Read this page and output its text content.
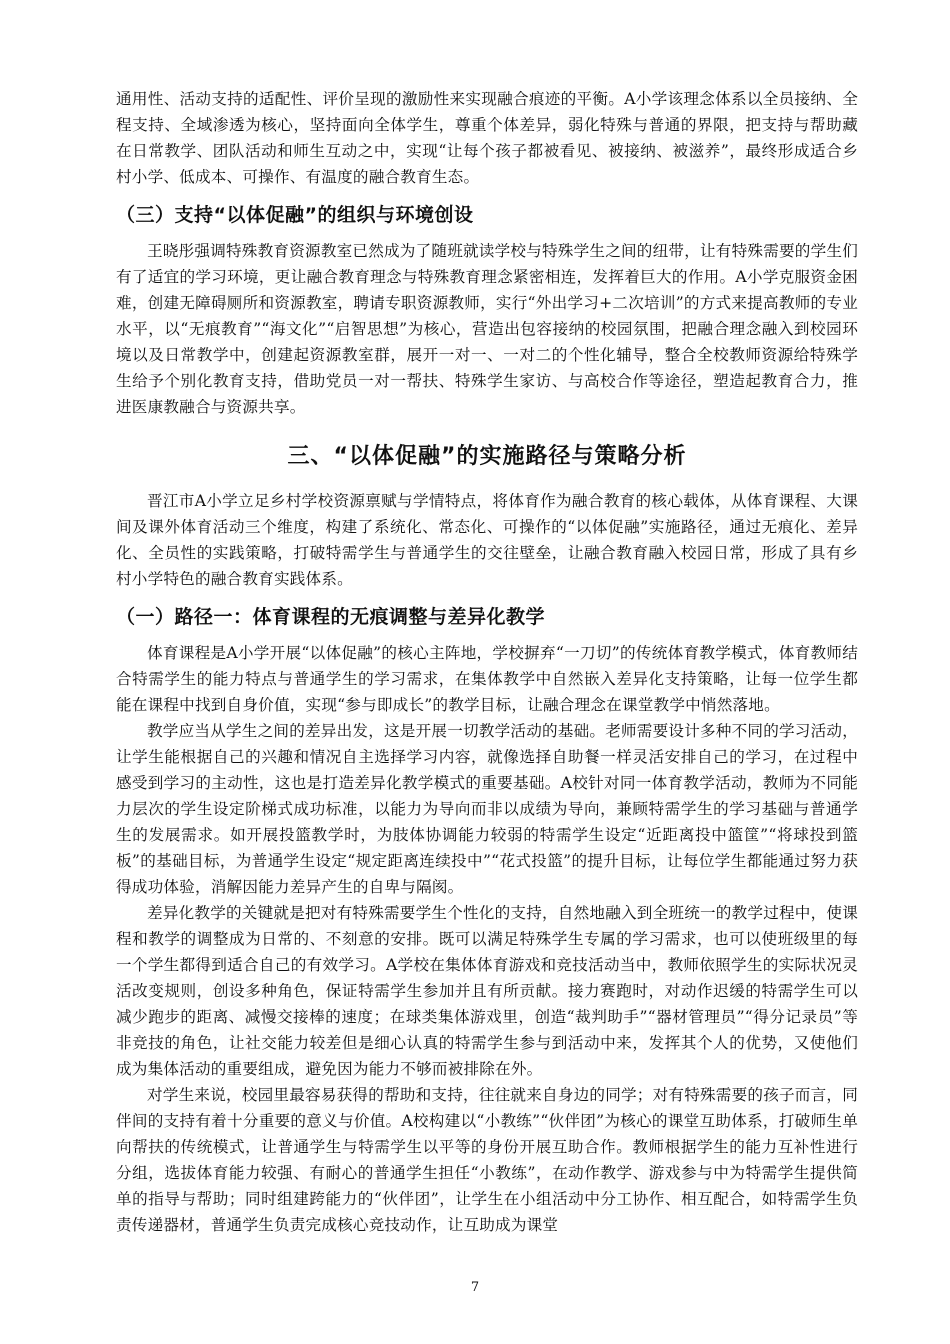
通用性、活动支持的适配性、评价呈现的激励性来实现融合痕迹的平衡。A小学该理念体系以全员接纳、全程支持、全域渗透为核心，坚持面向全体学生，尊重个体差异，弱化特殊与普通的界限，把支持与帮助藏在日常教学、团队活动和师生互动之中，实现“让每个孩子都被看见、被接纳、被滋养”，最终形成适合乡村小学、低成本、可操作、有温度的融合教育生态。

（三）支持“以体促融”的组织与环境创设

王晓彤强调特殊教育资源教室已然成为了随班就读学校与特殊学生之间的纽带，让有特殊需要的学生们有了适宜的学习环境，更让融合教育理念与特殊教育理念紧密相连，发挥着巨大的作用。A小学克服资金困难，创建无障碍厕所和资源教室，聘请专职资源教师，实行“外出学习+二次培训”的方式来提高教师的专业水平，以“无痕教育”“海文化”“启智思想”为核心，营造出包容接纳的校园氛围，把融合理念融入到校园环境以及日常教学中，创建起资源教室群，展开一对一、一对二的个性化辅导，整合全校教师资源给特殊学生给予个别化教育支持，借助党员一对一帮扶、特殊学生家访、与高校合作等途径，塑造起教育合力，推进医康教融合与资源共享。

三、“以体促融”的实施路径与策略分析

晋江市A小学立足乡村学校资源禀赋与学情特点，将体育作为融合教育的核心载体，从体育课程、大课间及课外体育活动三个维度，构建了系统化、常态化、可操作的“以体促融”实施路径，通过无痕化、差异化、全员性的实践策略，打破特需学生与普通学生的交往壁垒，让融合教育融入校园日常，形成了具有乡村小学特色的融合教育实践体系。

（一）路径一：体育课程的无痕调整与差异化教学

体育课程是A小学开展“以体促融”的核心主阵地，学校摒弃“一刀切”的传统体育教学模式，体育教师结合特需学生的能力特点与普通学生的学习需求，在集体教学中自然嵌入差异化支持策略，让每一位学生都能在课程中找到自身价值，实现“参与即成长”的教学目标，让融合理念在课堂教学中悄然落地。

教学应当从学生之间的差异出发，这是开展一切教学活动的基础。老师需要设计多种不同的学习活动，让学生能根据自己的兴趣和情况自主选择学习内容，就像选择自助餐一样灵活安排自己的学习，在过程中感受到学习的主动性，这也是打造差异化教学模式的重要基础。A校针对同一体育教学活动，教师为不同能力层次的学生设定阶梯式成功标准，以能力为导向而非以成绩为导向，兼顾特需学生的学习基础与普通学生的发展需求。如开展投篮教学时，为肢体协调能力较弱的特需学生设定“近距离投中篮筐”“将球投到篮板”的基础目标，为普通学生设定“规定距离连续投中”“花式投篮”的提升目标，让每位学生都能通过努力获得成功体验，消解因能力差异产生的自卑与隔阂。

差异化教学的关键就是把对有特殊需要学生个性化的支持，自然地融入到全班统一的教学过程中，使课程和教学的调整成为日常的、不刻意的安排。既可以满足特殊学生专属的学习需求，也可以使班级里的每一个学生都得到适合自己的有效学习。A学校在集体体育游戏和竞技活动当中，教师依照学生的实际状况灵活改变规则，创设多种角色，保证特需学生参加并且有所贡献。接力赛跑时，对动作迟缓的特需学生可以减少跑步的距离、减慢交接棒的速度；在球类集体游戏里，创造“裁判助手”“器材管理员”“得分记录员”等非竞技的角色，让社交能力较差但是细心认真的特需学生参与到活动中来，发挥其个人的优势，又使他们成为集体活动的重要组成，避免因为能力不够而被排除在外。

对学生来说，校园里最容易获得的帮助和支持，往往就来自身边的同学；对有特殊需要的孩子而言，同伴间的支持有着十分重要的意义与价值。A校构建以“小教练”“伙伴团”为核心的课堂互助体系，打破师生单向帮扶的传统模式，让普通学生与特需学生以平等的身份开展互助合作。教师根据学生的能力互补性进行分组，选拔体育能力较强、有耐心的普通学生担任“小教练”，在动作教学、游戏参与中为特需学生提供简单的指导与帮助；同时组建跨能力的“伙伴团”，让学生在小组活动中分工协作、相互配合，如特需学生负责传递器材，普通学生负责完成核心竞技动作，让互助成为课堂

7
